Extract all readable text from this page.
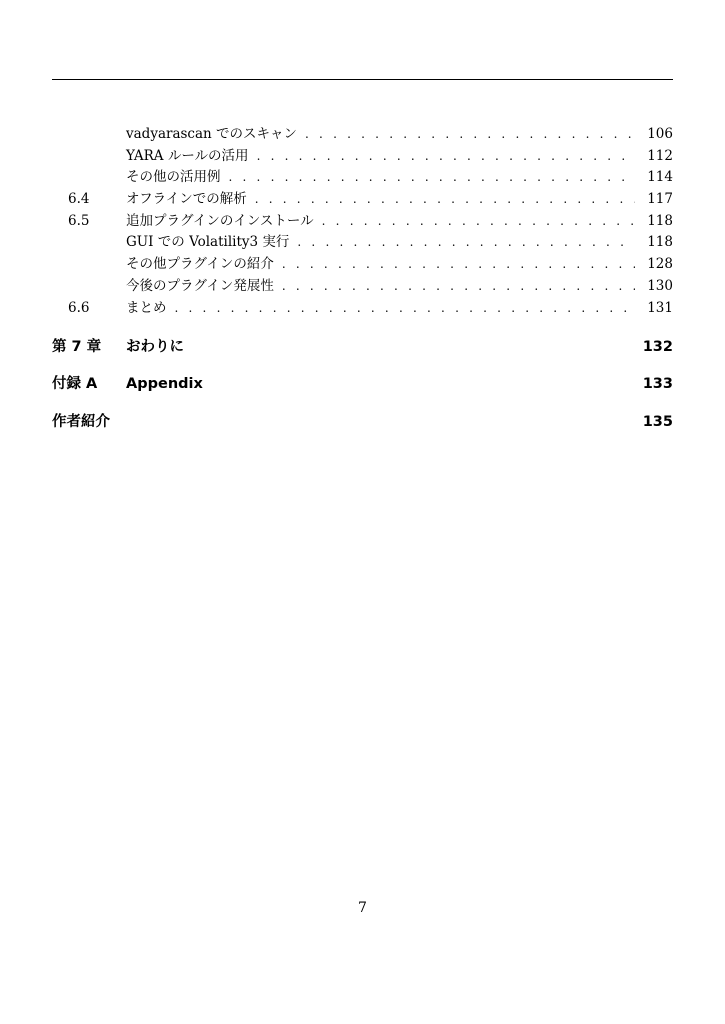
vadyarascan でのスキャン . . .	106
YARA ルールの活用 . . .	112
その他の活用例 . . .	114
6.4	オフラインでの解析 . . .	117
6.5	追加プラグインのインストール . . .	118
GUI での Volatility3 実行 . . .	118
その他プラグインの紹介 . . .	128
今後のプラグイン発展性 . . .	130
6.6	まとめ . . .	131
第 7 章 おわりに	132
付録 A Appendix	133
作者紹介	135
7
